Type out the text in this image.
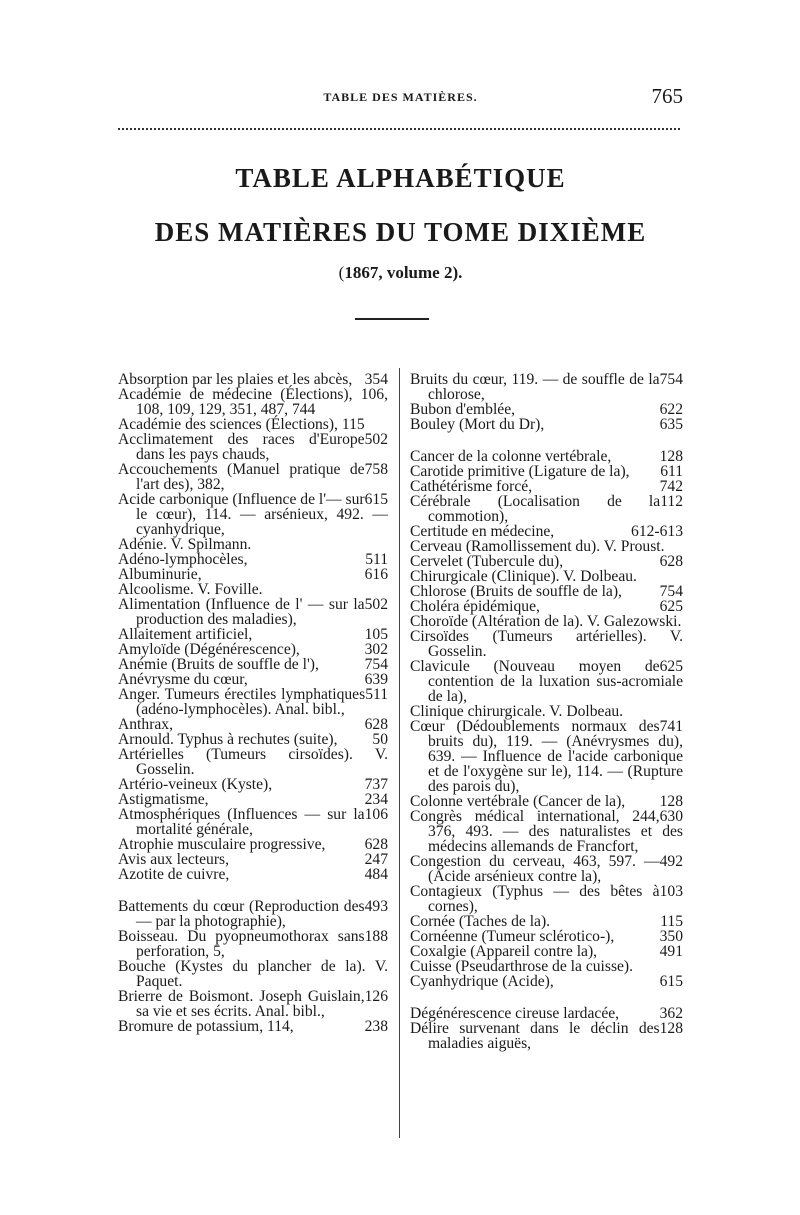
TABLE DES MATIÈRES.	765
TABLE ALPHABÉTIQUE
DES MATIÈRES DU TOME DIXIÈME
(1867, volume 2).
354
Absorption par les plaies et les abcès,
Académie de médecine (Élections), 106, 108, 109, 129, 351, 487, 744
Académie des sciences (Élections), 115
502
Acclimatement des races d'Europe dans les pays chauds,
758
Accouchements (Manuel pratique de l'art des), 382,
615
Acide carbonique (Influence de l'— sur le cœur), 114. — arsénieux, 492. — cyanhydrique,
Adénie. V. Spilmann.
511
Adéno-lymphocèles,
616
Albuminurie,
Alcoolisme. V. Foville.
502
Alimentation (Influence de l' — sur la production des maladies),
105
Allaitement artificiel,
302
Amyloïde (Dégénérescence),
754
Anémie (Bruits de souffle de l'),
639
Anévrysme du cœur,
511
Anger. Tumeurs érectiles lymphatiques (adéno-lymphocèles). Anal. bibl.,
628
Anthrax,
50
Arnould. Typhus à rechutes (suite),
Artérielles (Tumeurs cirsoïdes). V. Gosselin.
737
Artério-veineux (Kyste),
234
Astigmatisme,
106
Atmosphériques (Influences — sur la mortalité générale,
628
Atrophie musculaire progressive,
247
Avis aux lecteurs,
484
Azotite de cuivre,
493
Battements du cœur (Reproduction des — par la photographie),
188
Boisseau. Du pyopneumothorax sans perforation, 5,
Bouche (Kystes du plancher de la). V. Paquet.
126
Brierre de Boismont. Joseph Guislain, sa vie et ses écrits. Anal. bibl.,
238
Bromure de potassium, 114,
754
Bruits du cœur, 119. — de souffle de la chlorose,
622
Bubon d'emblée,
635
Bouley (Mort du Dr),
128
Cancer de la colonne vertébrale,
611
Carotide primitive (Ligature de la),
742
Cathétérisme forcé,
112
Cérébrale (Localisation de la commotion),
612-613
Certitude en médecine,
Cerveau (Ramollissement du). V. Proust.
628
Cervelet (Tubercule du),
Chirurgicale (Clinique). V. Dolbeau.
754
Chlorose (Bruits de souffle de la),
625
Choléra épidémique,
Choroïde (Altération de la). V. Galezowski.
Cirsoïdes (Tumeurs artérielles). V. Gosselin.
625
Clavicule (Nouveau moyen de contention de la luxation sus-acromiale de la),
Clinique chirurgicale. V. Dolbeau.
741
Cœur (Dédoublements normaux des bruits du), 119. — (Anévrysmes du), 639. — Influence de l'acide carbonique et de l'oxygène sur le), 114. — (Rupture des parois du),
128
Colonne vertébrale (Cancer de la),
630
Congrès médical international, 244, 376, 493. — des naturalistes et des médecins allemands de Francfort,
492
Congestion du cerveau, 463, 597. — (Acide arsénieux contre la),
103
Contagieux (Typhus — des bêtes à cornes),
115
Cornée (Taches de la).
350
Cornéenne (Tumeur sclérotico-),
491
Coxalgie (Appareil contre la),
Cuisse (Pseudarthrose de la cuisse).
615
Cyanhydrique (Acide),
362
Dégénérescence cireuse lardacée,
128
Délire survenant dans le déclin des maladies aiguës,
